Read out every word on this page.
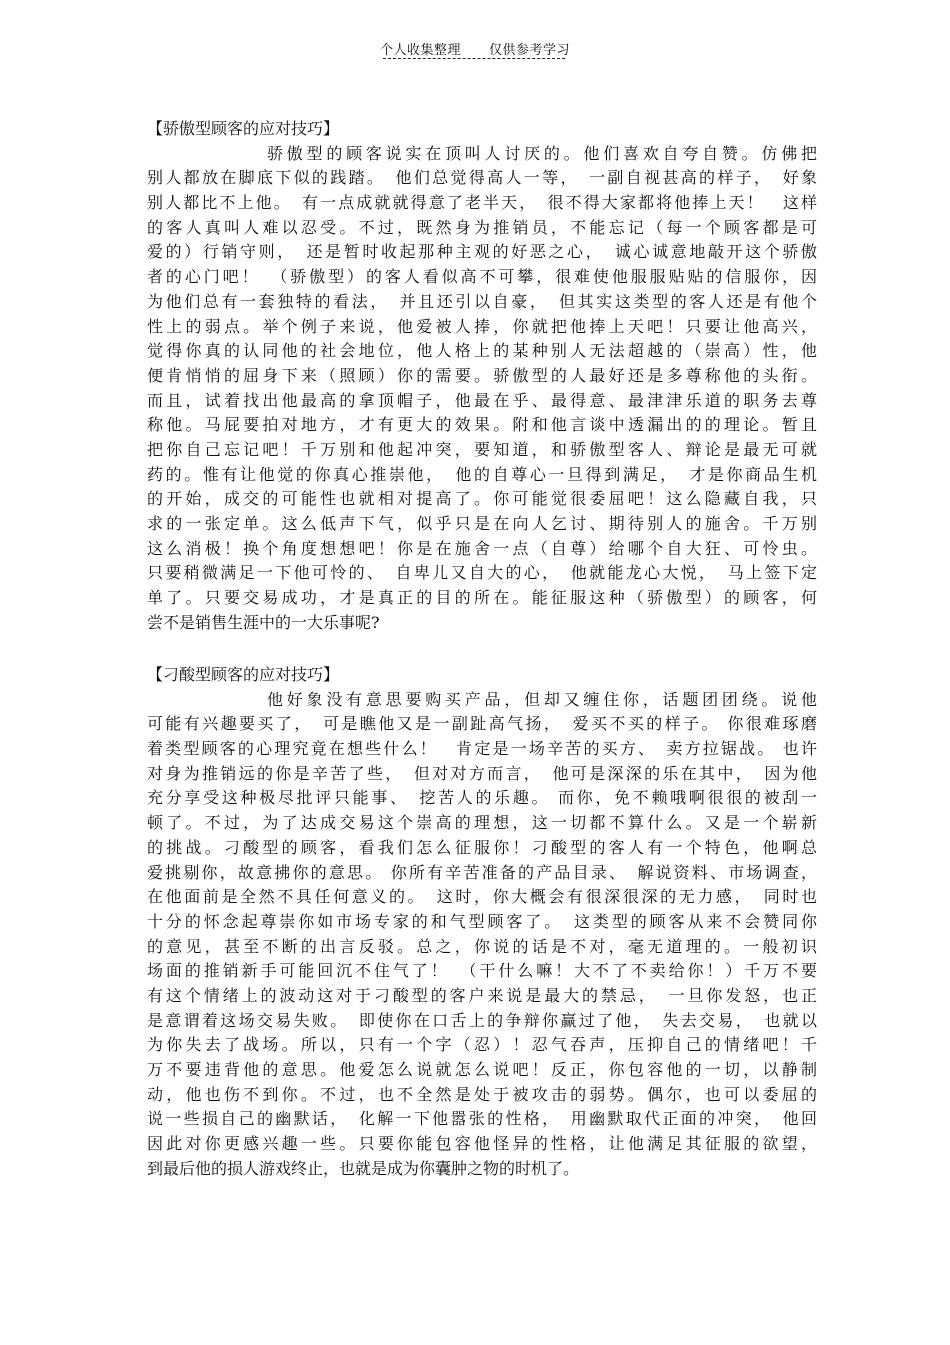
个人收集整理 仅供参考学习
【骄傲型顾客的应对技巧】
骄傲型的顾客说实在顶叫人讨厌的。他们喜欢自夸自赞。仿佛把
别人都放在脚底下似的践踏。　他们总觉得高人一等，　一副自视甚高的样子，　好象
别人都比不上他。　有一点成就就得意了老半天，　很不得大家都将他捧上天！　这样
的客人真叫人难以忍受。不过，既然身为推销员，不能忘记（每一个顾客都是可
爱的）行销守则，　还是暂时收起那种主观的好恶之心，　诚心诚意地敲开这个骄傲
者的心门吧！　（骄傲型）的客人看似高不可攀，很难使他服服贴贴的信服你，因
为他们总有一套独特的看法，　并且还引以自豪，　但其实这类型的客人还是有他个
性上的弱点。举个例子来说，他爱被人捧，你就把他捧上天吧！只要让他高兴，
觉得你真的认同他的社会地位，他人格上的某种别人无法超越的（崇高）性，他
便肯悄悄的屈身下来（照顾）你的需要。骄傲型的人最好还是多尊称他的头衔。
而且，试着找出他最高的拿顶帽子，他最在乎、最得意、最津津乐道的职务去尊
称他。马屁要拍对地方，才有更大的效果。附和他言谈中透漏出的的理论。暂且
把你自己忘记吧！千万别和他起冲突，要知道，和骄傲型客人、辩论是最无可就
药的。惟有让他觉的你真心推崇他，　他的自尊心一旦得到满足，　才是你商品生机
的开始，成交的可能性也就相对提高了。你可能觉很委屈吧！这么隐藏自我，只
求的一张定单。这么低声下气，似乎只是在向人乞讨、期待别人的施舍。千万别
这么消极！换个角度想想吧！你是在施舍一点（自尊）给哪个自大狂、可怜虫。
只要稍微满足一下他可怜的、　自卑儿又自大的心，　他就能龙心大悦，　马上签下定
单了。只要交易成功，才是真正的目的所在。能征服这种（骄傲型）的顾客，何
尝不是销售生涯中的一大乐事呢?
【刁酸型顾客的应对技巧】
他好象没有意思要购买产品，但却又缠住你，话题团团绕。说他
可能有兴趣要买了，　可是瞧他又是一副趾高气扬，　爱买不买的样子。 你很难琢磨
着类型顾客的心理究竟在想些什么！　肯定是一场辛苦的买方、　卖方拉锯战。 也许
对身为推销远的你是辛苦了些，　但对对方而言，　他可是深深的乐在其中，　因为他
充分享受这种极尽批评只能事、　挖苦人的乐趣。 而你，免不赖哦啊很很的被刮一
顿了。不过，为了达成交易这个崇高的理想，这一切都不算什么。又是一个崭新
的挑战。刁酸型的顾客，看我们怎么征服你！刁酸型的客人有一个特色，他啊总
爱挑剔你，故意拂你的意思。 你所有辛苦准备的产品目录、　解说资料、市场调查，
在他面前是全然不具任何意义的。　这时，你大概会有很深很深的无力感，　同时也
十分的怀念起尊崇你如市场专家的和气型顾客了。　这类型的顾客从来不会赞同你
的意见，甚至不断的出言反驳。总之，你说的话是不对，毫无道理的。一般初识
场面的推销新手可能回沉不住气了！　（干什么嘛！大不了不卖给你！）千万不要
有这个情绪上的波动这对于刁酸型的客户来说是最大的禁忌，　一旦你发怒，也正
是意谓着这场交易失败。　即使你在口舌上的争辩你赢过了他，　失去交易，　也就以
为你失去了战场。所以，只有一个字（忍）！忍气吞声，压抑自己的情绪吧！千
万不要违背他的意思。他爱怎么说就怎么说吧！反正，你包容他的一切，以静制
动，他也伤不到你。不过，也不全然是处于被攻击的弱势。偶尔，也可以委屈的
说一些损自己的幽默话，　化解一下他嚣张的性格，　用幽默取代正面的冲突，　他回
因此对你更感兴趣一些。只要你能包容他怪异的性格，让他满足其征服的欲望，
到最后他的损人游戏终止，也就是成为你囊肿之物的时机了。
